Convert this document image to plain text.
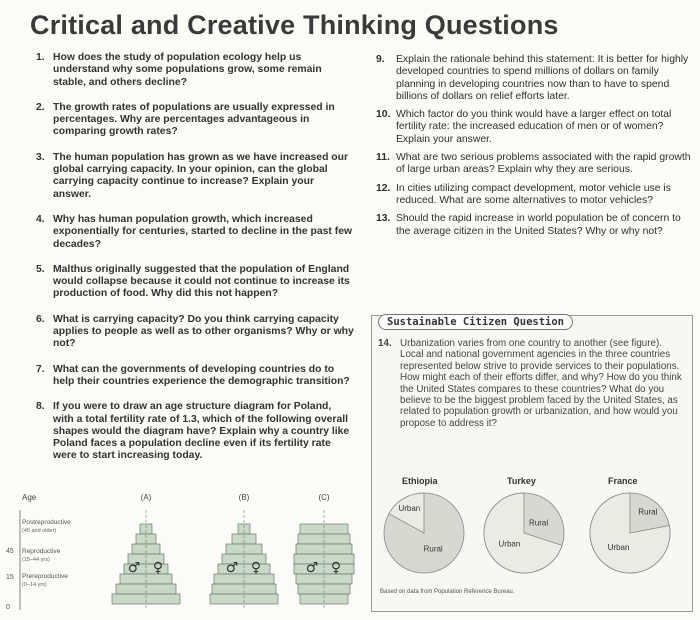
Critical and Creative Thinking Questions
1. How does the study of population ecology help us understand why some populations grow, some remain stable, and others decline?
2. The growth rates of populations are usually expressed in percentages. Why are percentages advantageous in comparing growth rates?
3. The human population has grown as we have increased our global carrying capacity. In your opinion, can the global carrying capacity continue to increase? Explain your answer.
4. Why has human population growth, which increased exponentially for centuries, started to decline in the past few decades?
5. Malthus originally suggested that the population of England would collapse because it could not continue to increase its production of food. Why did this not happen?
6. What is carrying capacity? Do you think carrying capacity applies to people as well as to other organisms? Why or why not?
7. What can the governments of developing countries do to help their countries experience the demographic transition?
8. If you were to draw an age structure diagram for Poland, with a total fertility rate of 1.3, which of the following overall shapes would the diagram have? Explain why a country like Poland faces a population decline even if its fertility rate were to start increasing today.
9.	Explain the rationale behind this statement: It is better for highly developed countries to spend millions of dollars on family planning in developing countries now than to have to spend billions of dollars on relief efforts later.
10. Which factor do you think would have a larger effect on total fertility rate: the increased education of men or of women? Explain your answer.
11. What are two serious problems associated with the rapid growth of large urban areas? Explain why they are serious.
12. In cities utilizing compact development, motor vehicle use is reduced. What are some alternatives to motor vehicles?
13. Should the rapid increase in world population be of concern to the average citizen in the United States? Why or why not?
Sustainable Citizen Question
14. Urbanization varies from one country to another (see figure). Local and national government agencies in the three countries represented below strive to provide services to their populations. How might each of their efforts differ, and why? How do you think the United States compares to these countries? What do you believe to be the biggest problem faced by the United States, as related to population growth or urbanization, and how would you propose to address it?
Ethiopia	Turkey	France
Urban
Rural
Urban
Rural
Urban
Rural
Based on data from Population Reference Bureau.
Age
45
15
0
Postreproductive
(45 and older)
Reproductive
(15–44 yrs)
Prereproductive
(0–14 yrs)
(A)	(B)	(C)
♂ ♀	♂ ♀	♂ ♀
